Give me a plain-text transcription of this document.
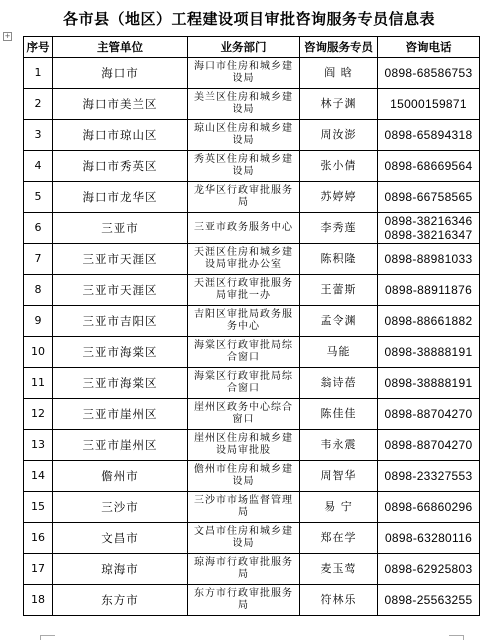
各市县（地区）工程建设项目审批咨询服务专员信息表
+
序号	主管单位	业务部门	咨询服务专员	咨询电话
1	海口市	海口市住房和城乡建设局	阎 晗	0898-68586753

2	海口市美兰区	美兰区住房和城乡建设局	林子渊	15000159871

3	海口市琼山区	琼山区住房和城乡建设局	周汝澎	0898-65894318

4	海口市秀英区	秀英区住房和城乡建设局	张小倩	0898-68669564

5	海口市龙华区	龙华区行政审批服务局	苏婷婷	0898-66758565

6	三亚市	三亚市政务服务中心	李秀莲	0898-38216346
0898-38216347

7	三亚市天涯区	天涯区住房和城乡建设局审批办公室	陈积隆	0898-88981033

8	三亚市天涯区	天涯区行政审批服务局审批一办	王蕾斯	0898-88911876

9	三亚市吉阳区	吉阳区审批局政务服务中心	孟令渊	0898-88661882

10	三亚市海棠区	海棠区行政审批局综合窗口	马能	0898-38888191

11	三亚市海棠区	海棠区行政审批局综合窗口	翁诗蓓	0898-38888191

12	三亚市崖州区	崖州区政务中心综合窗口	陈佳佳	0898-88704270

13	三亚市崖州区	崖州区住房和城乡建设局审批股	韦永震	0898-88704270

14	儋州市	儋州市住房和城乡建设局	周智华	0898-23327553

15	三沙市	三沙市市场监督管理局	易 宁	0898-66860296

16	文昌市	文昌市住房和城乡建设局	郑在学	0898-63280116

17	琼海市	琼海市行政审批服务局	麦玉莺	0898-62925803

18	东方市	东方市行政审批服务局	符林乐	0898-25563255
